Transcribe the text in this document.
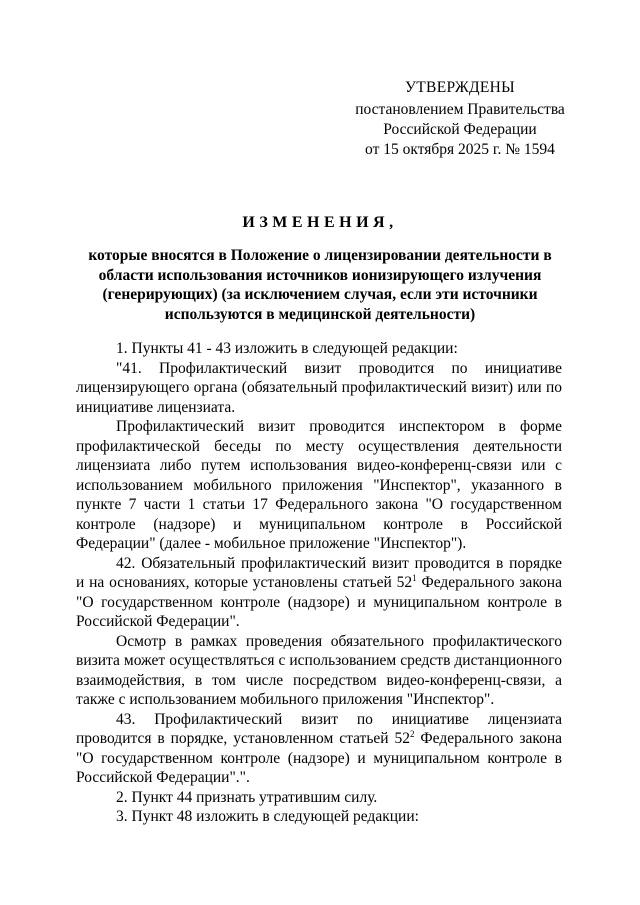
УТВЕРЖДЕНЫ
постановлением Правительства
Российской Федерации
от 15 октября 2025 г. № 1594
ИЗМЕНЕНИЯ,
которые вносятся в Положение о лицензировании деятельности в области использования источников ионизирующего излучения (генерирующих) (за исключением случая, если эти источники используются в медицинской деятельности)

1. Пункты 41 - 43 изложить в следующей редакции:

"41. Профилактический визит проводится по инициативе лицензирующего органа (обязательный профилактический визит) или по инициативе лицензиата.

Профилактический визит проводится инспектором в форме профилактической беседы по месту осуществления деятельности лицензиата либо путем использования видео-конференц-связи или с использованием мобильного приложения "Инспектор", указанного в пункте 7 части 1 статьи 17 Федерального закона "О государственном контроле (надзоре) и муниципальном контроле в Российской Федерации" (далее - мобильное приложение "Инспектор").

42. Обязательный профилактический визит проводится в порядке и на основаниях, которые установлены статьей $52^1$ Федерального закона "О государственном контроле (надзоре) и муниципальном контроле в Российской Федерации".

Осмотр в рамках проведения обязательного профилактического визита может осуществляться с использованием средств дистанционного взаимодействия, в том числе посредством видео-конференц-связи, а также с использованием мобильного приложения "Инспектор".

43. Профилактический визит по инициативе лицензиата проводится в порядке, установленном статьей $52^2$ Федерального закона "О государственном контроле (надзоре) и муниципальном контроле в Российской Федерации".".

2. Пункт 44 признать утратившим силу.

3. Пункт 48 изложить в следующей редакции:
